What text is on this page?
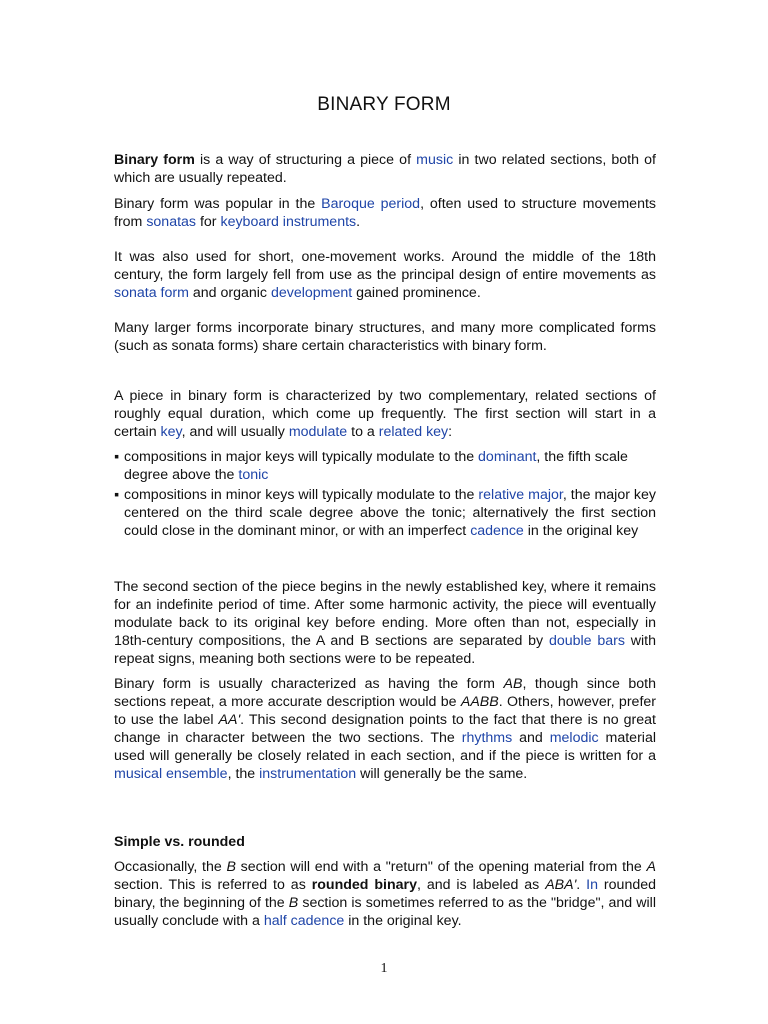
BINARY FORM

Binary form is a way of structuring a piece of music in two related sections, both of which are usually repeated.

Binary form was popular in the Baroque period, often used to structure movements from sonatas for keyboard instruments.

It was also used for short, one-movement works. Around the middle of the 18th century, the form largely fell from use as the principal design of entire movements as sonata form and organic development gained prominence.

Many larger forms incorporate binary structures, and many more complicated forms (such as sonata forms) share certain characteristics with binary form.

A piece in binary form is characterized by two complementary, related sections of roughly equal duration, which come up frequently. The first section will start in a certain key, and will usually modulate to a related key:

▪ compositions in major keys will typically modulate to the dominant, the fifth scale degree above the tonic
▪ compositions in minor keys will typically modulate to the relative major, the major key centered on the third scale degree above the tonic; alternatively the first section could close in the dominant minor, or with an imperfect cadence in the original key

The second section of the piece begins in the newly established key, where it remains for an indefinite period of time. After some harmonic activity, the piece will eventually modulate back to its original key before ending. More often than not, especially in 18th-century compositions, the A and B sections are separated by double bars with repeat signs, meaning both sections were to be repeated.

Binary form is usually characterized as having the form AB, though since both sections repeat, a more accurate description would be AABB. Others, however, prefer to use the label AA'. This second designation points to the fact that there is no great change in character between the two sections. The rhythms and melodic material used will generally be closely related in each section, and if the piece is written for a musical ensemble, the instrumentation will generally be the same.

Simple vs. rounded

Occasionally, the B section will end with a "return" of the opening material from the A section. This is referred to as rounded binary, and is labeled as ABA'. In rounded binary, the beginning of the B section is sometimes referred to as the "bridge", and will usually conclude with a half cadence in the original key.

1
